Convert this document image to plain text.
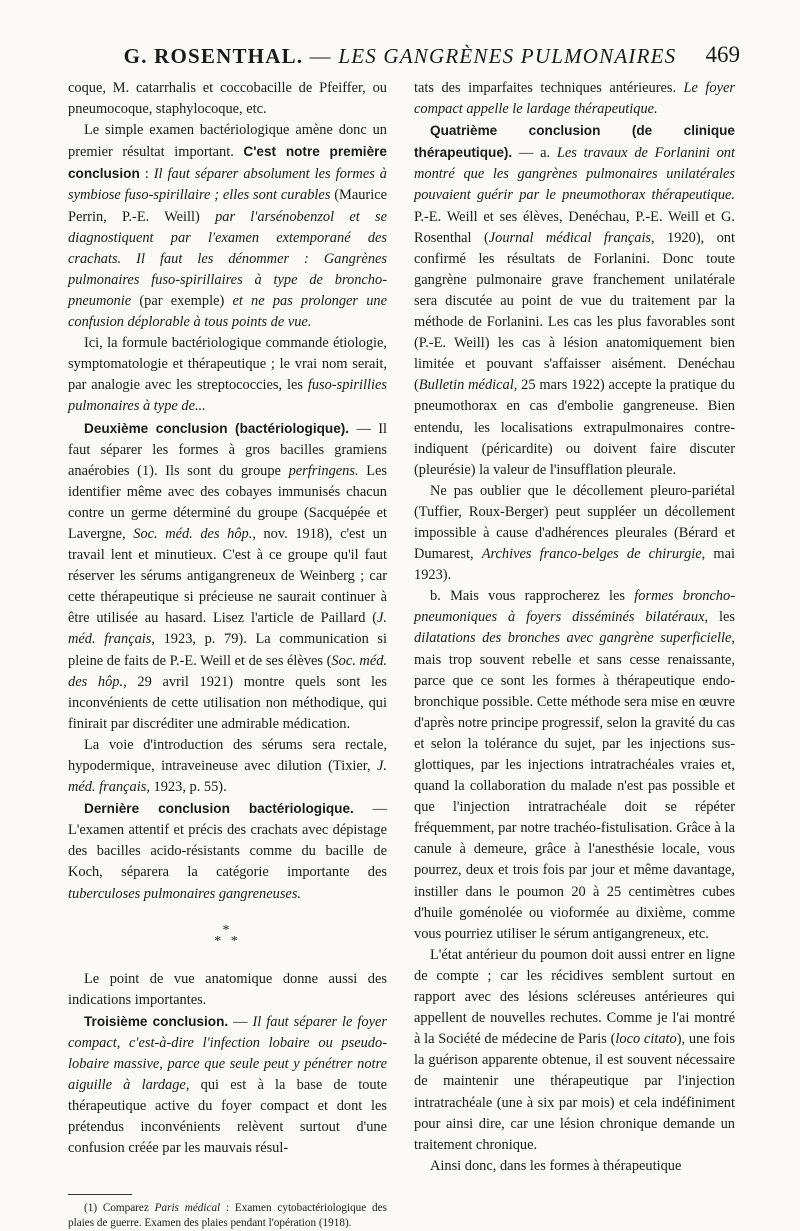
G. ROSENTHAL. — LES GANGRÈNES PULMONAIRES	469

coque, M. catarrhalis et coccobacille de Pfeiffer, ou pneumocoque, staphylocoque, etc.

Le simple examen bactériologique amène donc un premier résultat important. C'est notre première conclusion : Il faut séparer absolument les formes à symbiose fuso-spirillaire ; elles sont curables (Maurice Perrin, P.-E. Weill) par l'arsénobenzol et se diagnostiquent par l'examen extemporané des crachats. Il faut les dénommer : Gangrènes pulmonaires fuso-spirillaires à type de broncho-pneumonie (par exemple) et ne pas prolonger une confusion déplorable à tous points de vue.

Ici, la formule bactériologique commande étiologie, symptomatologie et thérapeutique ; le vrai nom serait, par analogie avec les streptococcies, les fuso-spirillies pulmonaires à type de...

Deuxième conclusion (bactériologique). — Il faut séparer les formes à gros bacilles gramiens anaérobies (1). Ils sont du groupe perfringens. Les identifier même avec des cobayes immunisés chacun contre un germe déterminé du groupe (Sacquépée et Lavergne, Soc. méd. des hôp., nov. 1918), c'est un travail lent et minutieux. C'est à ce groupe qu'il faut réserver les sérums antigangreneux de Weinberg ; car cette thérapeutique si précieuse ne saurait continuer à être utilisée au hasard. Lisez l'article de Paillard (J. méd. français, 1923, p. 79). La communication si pleine de faits de P.-E. Weill et de ses élèves (Soc. méd. des hôp., 29 avril 1921) montre quels sont les inconvénients de cette utilisation non méthodique, qui finirait par discréditer une admirable médication.

La voie d'introduction des sérums sera rectale, hypodermique, intraveineuse avec dilution (Tixier, J. méd. français, 1923, p. 55).

Dernière conclusion bactériologique. — L'examen attentif et précis des crachats avec dépistage des bacilles acido-résistants comme du bacille de Koch, séparera la catégorie importante des tuberculoses pulmonaires gangreneuses.

*
* *

Le point de vue anatomique donne aussi des indications importantes.

Troisième conclusion. — Il faut séparer le foyer compact, c'est-à-dire l'infection lobaire ou pseudo-lobaire massive, parce que seule peut y pénétrer notre aiguille à lardage, qui est à la base de toute thérapeutique active du foyer compact et dont les prétendus inconvénients relèvent surtout d'une confusion créée par les mauvais résul-

(1) Comparez Paris médical : Examen cytobactériologique des plaies de guerre. Examen des plaies pendant l'opération (1918).

tats des imparfaites techniques antérieures. Le foyer compact appelle le lardage thérapeutique.

Quatrième conclusion (de clinique thérapeutique). — a. Les travaux de Forlanini ont montré que les gangrènes pulmonaires unilatérales pouvaient guérir par le pneumothorax thérapeutique. P.-E. Weill et ses élèves, Denéchau, P.-E. Weill et G. Rosenthal (Journal médical français, 1920), ont confirmé les résultats de Forlanini. Donc toute gangrène pulmonaire grave franchement unilatérale sera discutée au point de vue du traitement par la méthode de Forlanini. Les cas les plus favorables sont (P.-E. Weill) les cas à lésion anatomiquement bien limitée et pouvant s'affaisser aisément. Denéchau (Bulletin médical, 25 mars 1922) accepte la pratique du pneumothorax en cas d'embolie gangreneuse. Bien entendu, les localisations extrapulmonaires contre-indiquent (péricardite) ou doivent faire discuter (pleurésie) la valeur de l'insufflation pleurale.

Ne pas oublier que le décollement pleuro-pariétal (Tuffier, Roux-Berger) peut suppléer un décollement impossible à cause d'adhérences pleurales (Bérard et Dumarest, Archives franco-belges de chirurgie, mai 1923).

b. Mais vous rapprocherez les formes broncho-pneumoniques à foyers disséminés bilatéraux, les dilatations des bronches avec gangrène superficielle, mais trop souvent rebelle et sans cesse renaissante, parce que ce sont les formes à thérapeutique endo-bronchique possible. Cette méthode sera mise en œuvre d'après notre principe progressif, selon la gravité du cas et selon la tolérance du sujet, par les injections sus-glottiques, par les injections intratrachéales vraies et, quand la collaboration du malade n'est pas possible et que l'injection intratrachéale doit se répéter fréquemment, par notre trachéo-fistulisation. Grâce à la canule à demeure, grâce à l'anesthésie locale, vous pourrez, deux et trois fois par jour et même davantage, instiller dans le poumon 20 à 25 centimètres cubes d'huile goménolée ou vioformée au dixième, comme vous pourriez utiliser le sérum antigangreneux, etc.

L'état antérieur du poumon doit aussi entrer en ligne de compte ; car les récidives semblent surtout en rapport avec des lésions scléreuses antérieures qui appellent de nouvelles rechutes. Comme je l'ai montré à la Société de médecine de Paris (loco citato), une fois la guérison apparente obtenue, il est souvent nécessaire de maintenir une thérapeutique par l'injection intratrachéale (une à six par mois) et cela indéfiniment pour ainsi dire, car une lésion chronique demande un traitement chronique.

Ainsi donc, dans les formes à thérapeutique
